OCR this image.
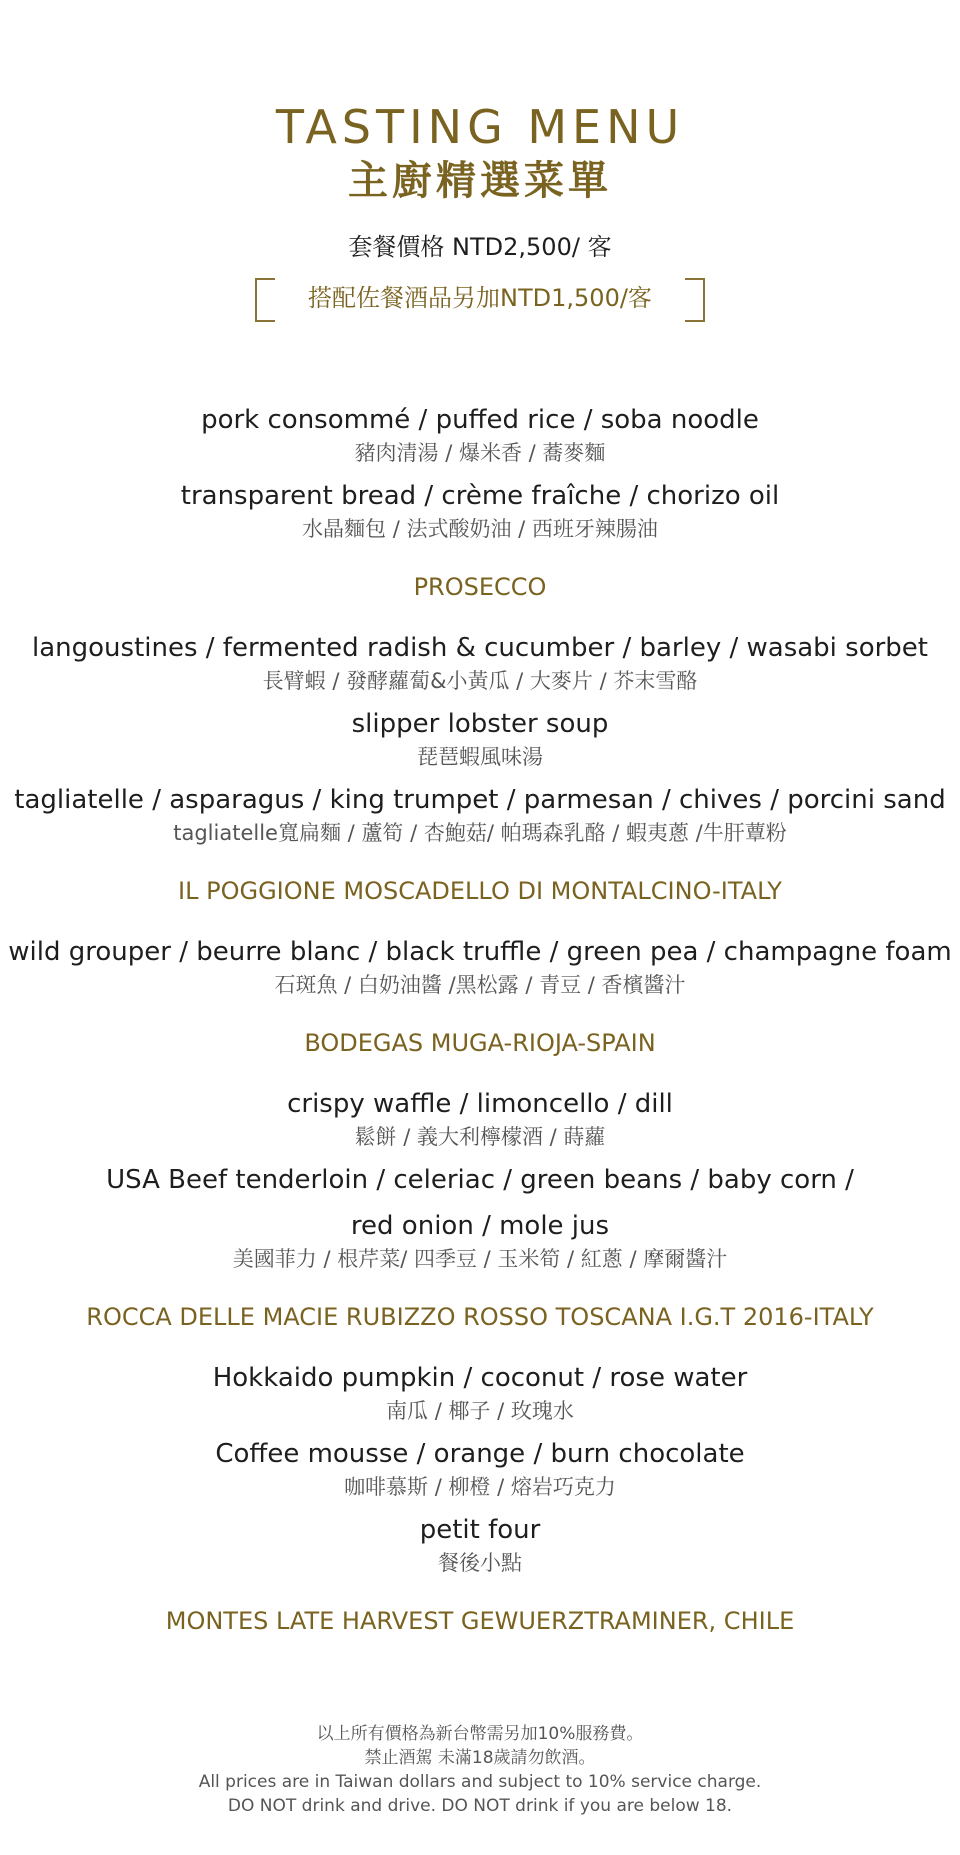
TASTING MENU
主廚精選菜單
套餐價格 NTD2,500/ 客
搭配佐餐酒品另加NTD1,500/客
pork consommé / puffed rice / soba noodle
豬肉清湯 / 爆米香 / 蕎麥麵
transparent bread / crème fraîche / chorizo oil
水晶麵包 / 法式酸奶油 / 西班牙辣腸油
PROSECCO
langoustines / fermented radish & cucumber / barley / wasabi sorbet
長臂蝦 / 發酵蘿蔔&小黃瓜 / 大麥片 / 芥末雪酪
slipper lobster soup
琵琶蝦風味湯
tagliatelle / asparagus / king trumpet / parmesan / chives / porcini sand
tagliatelle寬扁麵 / 蘆筍 / 杏鮑菇/ 帕瑪森乳酪 / 蝦夷蔥 /牛肝蕈粉
IL POGGIONE MOSCADELLO DI MONTALCINO-ITALY
wild grouper / beurre blanc / black truffle / green pea / champagne foam
石斑魚 / 白奶油醬 /黑松露 / 青豆 / 香檳醬汁
BODEGAS MUGA-RIOJA-SPAIN
crispy waffle / limoncello / dill
鬆餅 / 義大利檸檬酒 / 蒔蘿
USA Beef tenderloin / celeriac / green beans / baby corn /
red onion / mole jus
美國菲力 / 根芹菜/ 四季豆 / 玉米筍 / 紅蔥 / 摩爾醬汁
ROCCA DELLE MACIE RUBIZZO ROSSO TOSCANA I.G.T 2016-ITALY
Hokkaido pumpkin / coconut / rose water
南瓜 / 椰子 / 玫瑰水
Coffee mousse / orange / burn chocolate
咖啡慕斯 / 柳橙 / 熔岩巧克力
petit four
餐後小點
MONTES LATE HARVEST GEWUERZTRAMINER, CHILE
以上所有價格為新台幣需另加10%服務費。
禁止酒駕 未滿18歲請勿飲酒。
All prices are in Taiwan dollars and subject to 10% service charge.
DO NOT drink and drive. DO NOT drink if you are below 18.
